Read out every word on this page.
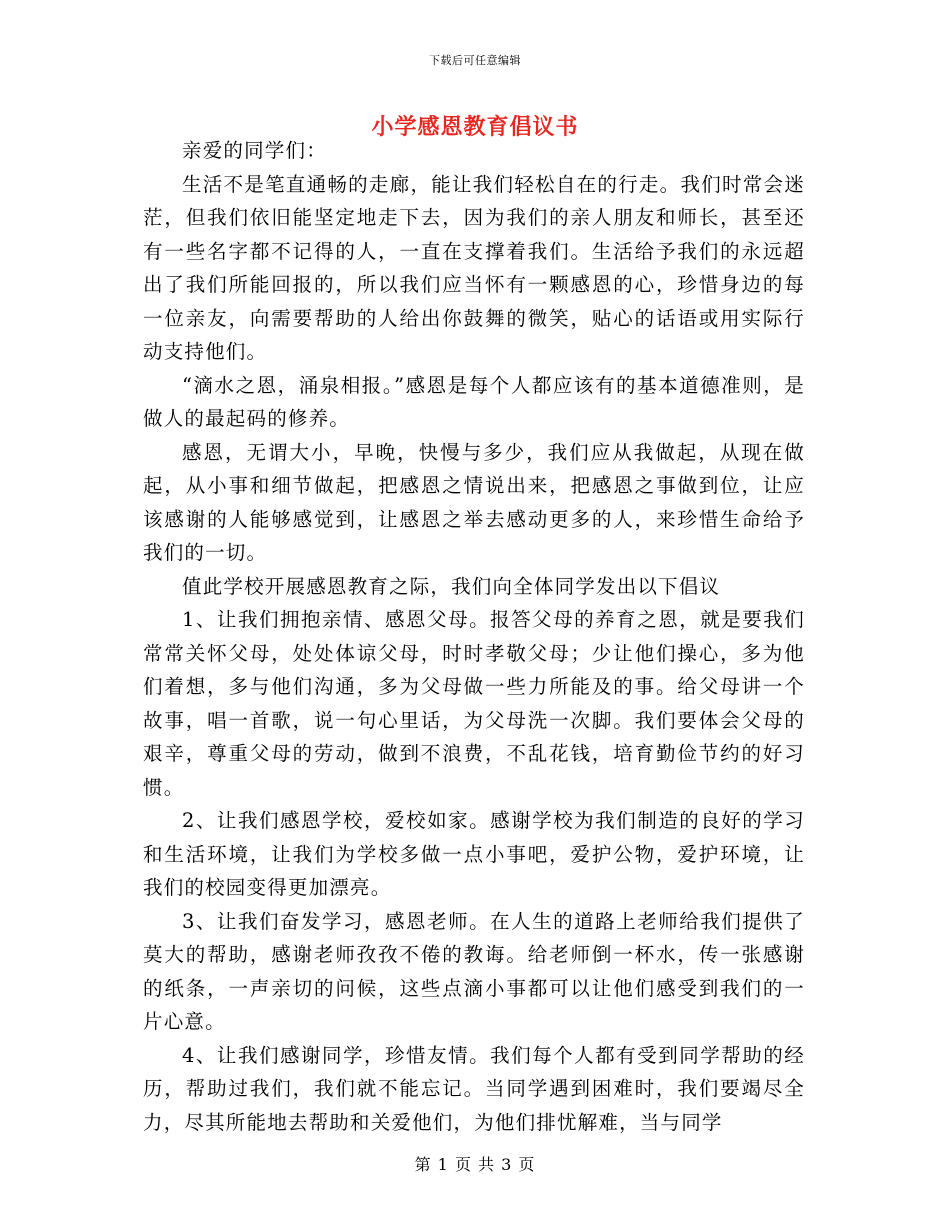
下载后可任意编辑
小学感恩教育倡议书

亲爱的同学们：

生活不是笔直通畅的走廊，能让我们轻松自在的行走。我们时常会迷茫，但我们依旧能坚定地走下去，因为我们的亲人朋友和师长，甚至还有一些名字都不记得的人，一直在支撑着我们。生活给予我们的永远超出了我们所能回报的，所以我们应当怀有一颗感恩的心，珍惜身边的每一位亲友，向需要帮助的人给出你鼓舞的微笑，贴心的话语或用实际行动支持他们。

“滴水之恩，涌泉相报。”感恩是每个人都应该有的基本道德准则，是做人的最起码的修养。

感恩，无谓大小，早晚，快慢与多少，我们应从我做起，从现在做起，从小事和细节做起，把感恩之情说出来，把感恩之事做到位，让应该感谢的人能够感觉到，让感恩之举去感动更多的人，来珍惜生命给予我们的一切。

值此学校开展感恩教育之际，我们向全体同学发出以下倡议

1、让我们拥抱亲情、感恩父母。报答父母的养育之恩，就是要我们常常关怀父母，处处体谅父母，时时孝敬父母；少让他们操心，多为他们着想，多与他们沟通，多为父母做一些力所能及的事。给父母讲一个故事，唱一首歌，说一句心里话，为父母洗一次脚。我们要体会父母的艰辛，尊重父母的劳动，做到不浪费，不乱花钱，培育勤俭节约的好习惯。

2、让我们感恩学校，爱校如家。感谢学校为我们制造的良好的学习和生活环境，让我们为学校多做一点小事吧，爱护公物，爱护环境，让我们的校园变得更加漂亮。

3、让我们奋发学习，感恩老师。在人生的道路上老师给我们提供了莫大的帮助，感谢老师孜孜不倦的教诲。给老师倒一杯水，传一张感谢的纸条，一声亲切的问候，这些点滴小事都可以让他们感受到我们的一片心意。

4、让我们感谢同学，珍惜友情。我们每个人都有受到同学帮助的经历，帮助过我们，我们就不能忘记。当同学遇到困难时，我们要竭尽全力，尽其所能地去帮助和关爱他们，为他们排忧解难，当与同学

第 1 页 共 3 页
